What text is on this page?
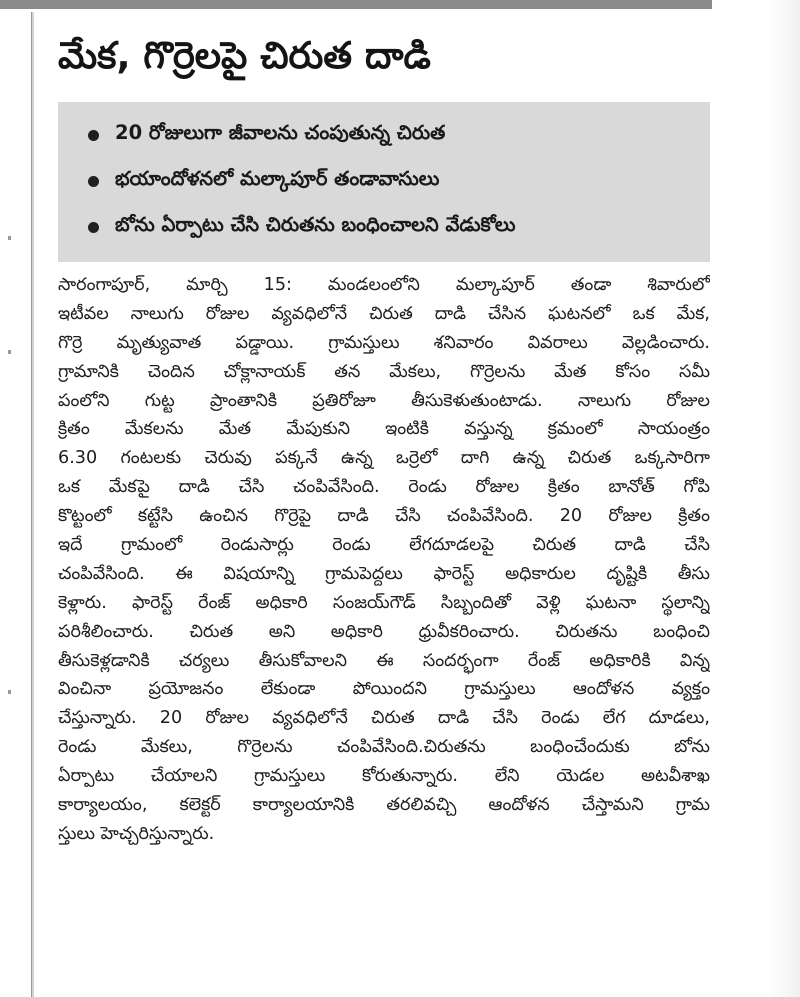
మేక, గొర్రెలపై చిరుత దాడి
20 రోజులుగా జీవాలను చంపుతున్న చిరుత
భయాందోళనలో మల్కాపూర్ తండావాసులు
బోను ఏర్పాటు చేసి చిరుతను బంధించాలని వేడుకోలు
సారంగాపూర్, మార్చి 15: మండలంలోని మల్కాపూర్ తండా శివారులో
ఇటీవల నాలుగు రోజుల వ్యవధిలోనే చిరుత దాడి చేసిన ఘటనలో ఒక మేక,
గొర్రె మృత్యువాత పడ్డాయి. గ్రామస్తులు శనివారం వివరాలు వెల్లడించారు.
గ్రామానికి చెందిన చోక్లానాయక్ తన మేకలు, గొర్రెలను మేత కోసం సమీ
పంలోని గుట్ట ప్రాంతానికి ప్రతిరోజూ తీసుకెళుతుంటాడు. నాలుగు రోజుల
క్రితం మేకలను మేత మేపుకుని ఇంటికి వస్తున్న క్రమంలో సాయంత్రం
6.30 గంటలకు చెరువు పక్కనే ఉన్న ఒర్రెలో దాగి ఉన్న చిరుత ఒక్కసారిగా
ఒక మేకపై దాడి చేసి చంపివేసింది. రెండు రోజుల క్రితం బానోత్ గోపి
కొట్టంలో కట్టేసి ఉంచిన గొర్రెపై దాడి చేసి చంపివేసింది. 20 రోజుల క్రితం
ఇదే గ్రామంలో రెండుసార్లు రెండు లేగదూడలపై చిరుత దాడి చేసి
చంపివేసింది. ఈ విషయాన్ని గ్రామపెద్దలు ఫారెస్ట్ అధికారుల దృష్టికి తీసు
కెళ్లారు. ఫారెస్ట్ రేంజ్ అధికారి సంజయ్‌గౌడ్ సిబ్బందితో వెళ్లి ఘటనా స్థలాన్ని
పరిశీలించారు. చిరుత అని అధికారి ధ్రువీకరించారు. చిరుతను బంధించి
తీసుకెళ్లడానికి చర్యలు తీసుకోవాలని ఈ సందర్భంగా రేంజ్ అధికారికి విన్న
వించినా ప్రయోజనం లేకుండా పోయిందని గ్రామస్తులు ఆందోళన వ్యక్తం
చేస్తున్నారు. 20 రోజుల వ్యవధిలోనే చిరుత దాడి చేసి రెండు లేగ దూడలు,
రెండు మేకలు, గొర్రెలను చంపివేసింది.చిరుతను బంధించేందుకు బోను
ఏర్పాటు చేయాలని గ్రామస్తులు కోరుతున్నారు. లేని యెడల అటవీశాఖ
కార్యాలయం, కలెక్టర్ కార్యాలయానికి తరలివచ్చి ఆందోళన చేస్తామని గ్రామ
స్తులు హెచ్చరిస్తున్నారు.
